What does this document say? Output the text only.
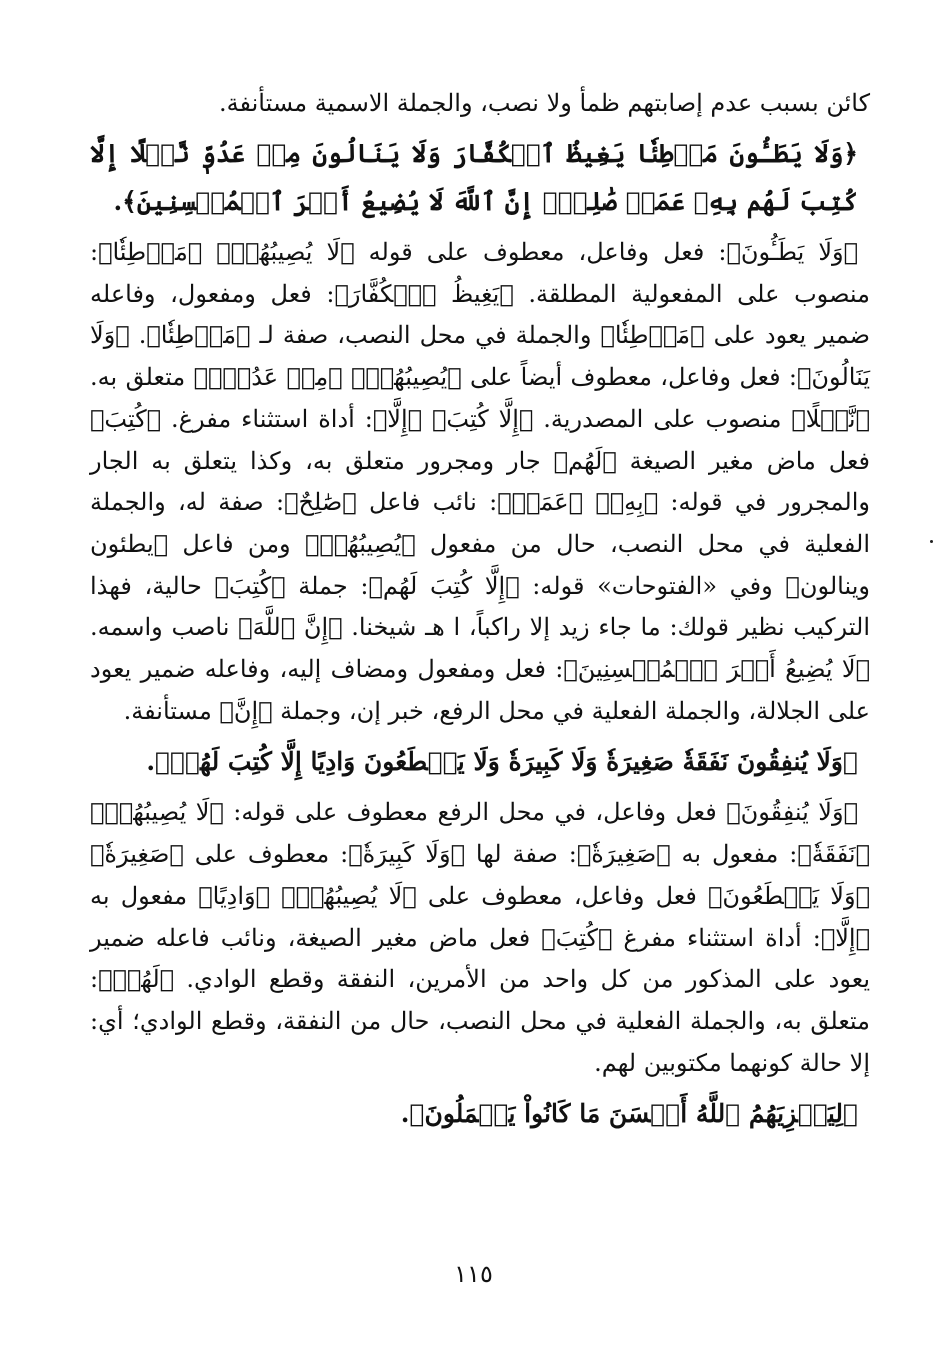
كائن بسبب عدم إصابتهم ظمأ ولا نصب، والجملة الاسمية مستأنفة.

﴿وَلَا يَطَـُٔونَ مَوۡطِئٗا يَغِيظُ ٱلۡكُفَّارَ وَلَا يَنَالُونَ مِنۡ عَدُوّٖ نَّيۡلًا إِلَّا كُتِبَ لَهُم بِهِۦ عَمَلٞ صَٰلِحٌۚ إِنَّ ٱللَّهَ لَا يُضِيعُ أَجۡرَ ٱلۡمُحۡسِنِينَ﴾.

﴿وَلَا يَطَـُٔونَ﴾: فعل وفاعل، معطوف على قوله ﴿لَا يُصِيبُهُمۡ﴾ ﴿مَوۡطِئٗا﴾: منصوب على المفعولية المطلقة. ﴿يَغِيظُ ٱلۡكُفَّارَ﴾: فعل ومفعول، وفاعله ضمير يعود على ﴿مَوۡطِئٗا﴾ والجملة في محل النصب، صفة لـ ﴿مَوۡطِئٗا﴾. ﴿وَلَا يَنَالُونَ﴾: فعل وفاعل، معطوف أيضاً على ﴿يُصِيبُهُمۡ﴾ ﴿مِنۡ عَدُوّٖ﴾ متعلق به. ﴿نَّيۡلًا﴾ منصوب على المصدرية. ﴿إِلَّا كُتِبَ﴾ ﴿إِلَّا﴾: أداة استثناء مفرغ. ﴿كُتِبَ﴾ فعل ماض مغير الصيغة ﴿لَهُم﴾ جار ومجرور متعلق به، وكذا يتعلق به الجار والمجرور في قوله: ﴿بِهِۦ﴾ ﴿عَمَلٞ﴾: نائب فاعل ﴿صَٰلِحٌ﴾: صفة له، والجملة الفعلية في محل النصب، حال من مفعول ﴿يُصِيبُهُمۡ﴾ ومن فاعل ﴿يطئون وينالون﴾ وفي «الفتوحات» قوله: ﴿إِلَّا كُتِبَ لَهُم﴾: جملة ﴿كُتِبَ﴾ حالية، فهذا التركيب نظير قولك: ما جاء زيد إلا راكباً، ا هـ شيخنا. ﴿إِنَّ ٱللَّهَ﴾ ناصب واسمه. ﴿لَا يُضِيعُ أَجۡرَ ٱلۡمُحۡسِنِينَ﴾: فعل ومفعول ومضاف إليه، وفاعله ضمير يعود على الجلالة، والجملة الفعلية في محل الرفع، خبر إن، وجملة ﴿إِنَّ﴾ مستأنفة.

﴿وَلَا يُنفِقُونَ نَفَقَةٗ صَغِيرَةٗ وَلَا كَبِيرَةٗ وَلَا يَقۡطَعُونَ وَادِيًا إِلَّا كُتِبَ لَهُمۡ﴾.

﴿وَلَا يُنفِقُونَ﴾ فعل وفاعل، في محل الرفع معطوف على قوله: ﴿لَا يُصِيبُهُمۡ﴾ ﴿نَفَقَةٗ﴾: مفعول به ﴿صَغِيرَةٗ﴾: صفة لها ﴿وَلَا كَبِيرَةٗ﴾: معطوف على ﴿صَغِيرَةٗ﴾ ﴿وَلَا يَقۡطَعُونَ﴾ فعل وفاعل، معطوف على ﴿لَا يُصِيبُهُمۡ﴾ ﴿وَادِيًا﴾ مفعول به ﴿إِلَّا﴾: أداة استثناء مفرغ ﴿كُتِبَ﴾ فعل ماض مغير الصيغة، ونائب فاعله ضمير يعود على المذكور من كل واحد من الأمرين، النفقة وقطع الوادي. ﴿لَهُمۡ﴾: متعلق به، والجملة الفعلية في محل النصب، حال من النفقة، وقطع الوادي؛ أي: إلا حالة كونهما مكتوبين لهم.

﴿لِيَجۡزِيَهُمُ ٱللَّهُ أَحۡسَنَ مَا كَانُواْ يَعۡمَلُونَ﴾.

١١٥
